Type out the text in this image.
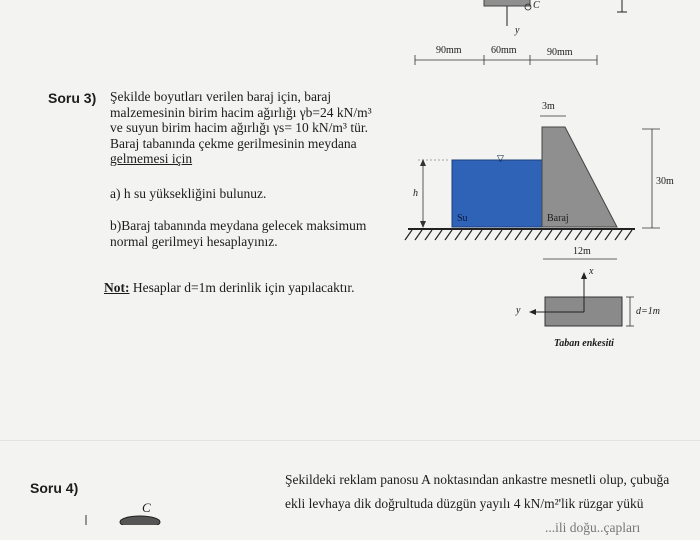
90mm	60mm	90mm
C
y
3m
30m
h
Su	Baraj
12m
▽
x
y	d=1m
Taban enkesiti
Soru 3) Şekilde boyutları verilen baraj için, baraj
malzemesinin birim hacim ağırlığı γb=24 kN/m³
ve suyun birim hacim ağırlığı γs= 10 kN/m³ tür.
Baraj tabanında çekme gerilmesinin meydana
gelmemesi için
a) h su yüksekliğini bulunuz.
b)Baraj tabanında meydana gelecek maksimum
normal gerilmeyi hesaplayınız.
Not: Hesaplar d=1m derinlik için yapılacaktır.
Soru 4)
Şekildeki reklam panosu A noktasından ankastre mesnetli olup, çubuğa
ekli levhaya dik doğrultuda düzgün yayılı 4 kN/m²'lik rüzgar yükü
...ili doğu..çapları
C
